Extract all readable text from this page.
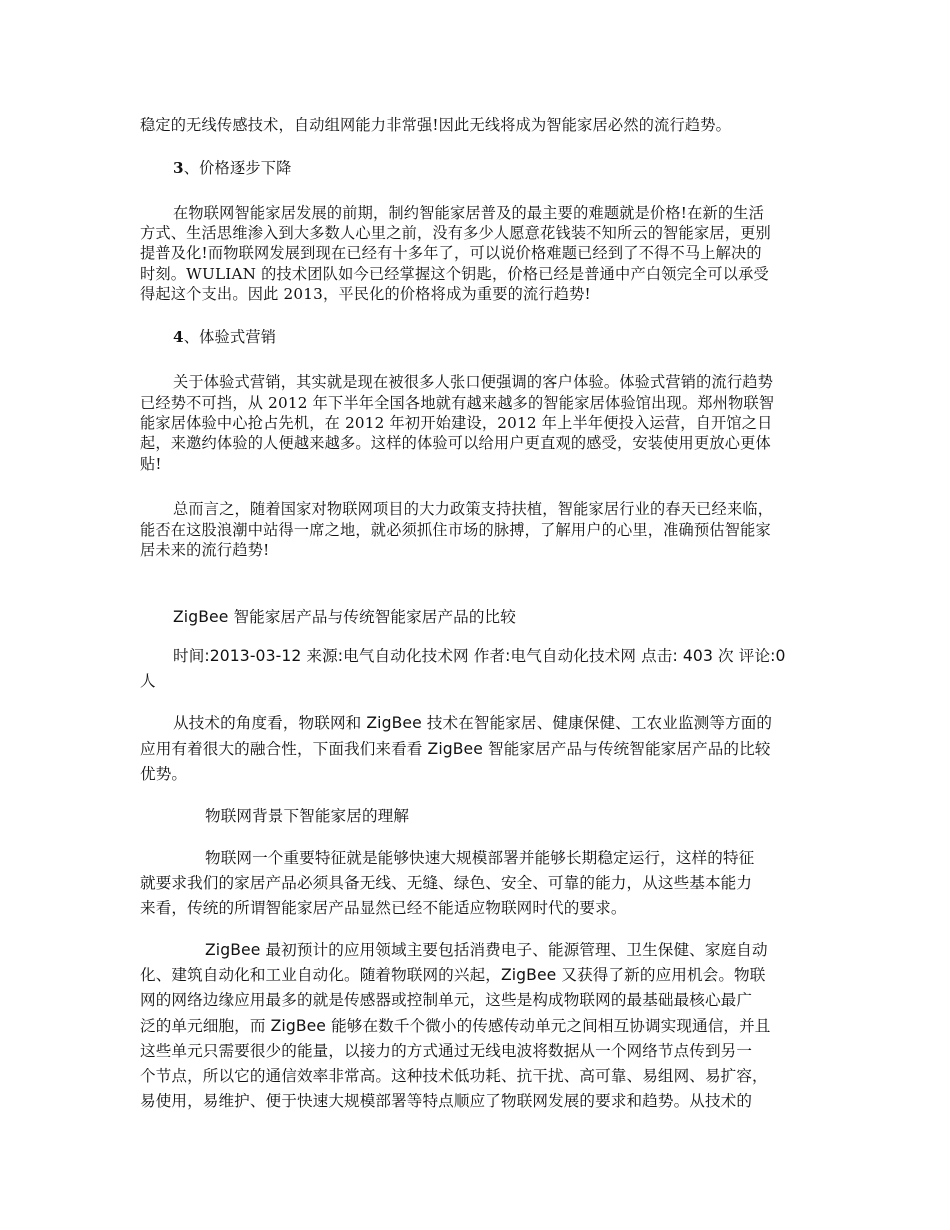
稳定的无线传感技术，自动组网能力非常强!因此无线将成为智能家居必然的流行趋势。
3、价格逐步下降
在物联网智能家居发展的前期，制约智能家居普及的最主要的难题就是价格!在新的生活
方式、生活思维渗入到大多数人心里之前，没有多少人愿意花钱装不知所云的智能家居，更别
提普及化!而物联网发展到现在已经有十多年了，可以说价格难题已经到了不得不马上解决的
时刻。WULIAN 的技术团队如今已经掌握这个钥匙，价格已经是普通中产白领完全可以承受
得起这个支出。因此 2013，平民化的价格将成为重要的流行趋势!
4、体验式营销
关于体验式营销，其实就是现在被很多人张口便强调的客户体验。体验式营销的流行趋势
已经势不可挡，从 2012 年下半年全国各地就有越来越多的智能家居体验馆出现。郑州物联智
能家居体验中心抢占先机，在 2012 年初开始建设，2012 年上半年便投入运营，自开馆之日
起，来邀约体验的人便越来越多。这样的体验可以给用户更直观的感受，安装使用更放心更体
贴!
总而言之，随着国家对物联网项目的大力政策支持扶植，智能家居行业的春天已经来临，
能否在这股浪潮中站得一席之地，就必须抓住市场的脉搏，了解用户的心里，准确预估智能家
居未来的流行趋势!
ZigBee 智能家居产品与传统智能家居产品的比较
时间:2013-03-12 来源:电气自动化技术网 作者:电气自动化技术网 点击: 403 次 评论:0
人
从技术的角度看，物联网和 ZigBee 技术在智能家居、健康保健、工农业监测等方面的
应用有着很大的融合性，下面我们来看看 ZigBee 智能家居产品与传统智能家居产品的比较
优势。
物联网背景下智能家居的理解
物联网一个重要特征就是能够快速大规模部署并能够长期稳定运行，这样的特征
就要求我们的家居产品必须具备无线、无缝、绿色、安全、可靠的能力，从这些基本能力
来看，传统的所谓智能家居产品显然已经不能适应物联网时代的要求。
ZigBee 最初预计的应用领域主要包括消费电子、能源管理、卫生保健、家庭自动
化、建筑自动化和工业自动化。随着物联网的兴起，ZigBee 又获得了新的应用机会。物联
网的网络边缘应用最多的就是传感器或控制单元，这些是构成物联网的最基础最核心最广
泛的单元细胞，而 ZigBee 能够在数千个微小的传感传动单元之间相互协调实现通信，并且
这些单元只需要很少的能量，以接力的方式通过无线电波将数据从一个网络节点传到另一
个节点，所以它的通信效率非常高。这种技术低功耗、抗干扰、高可靠、易组网、易扩容，
易使用，易维护、便于快速大规模部署等特点顺应了物联网发展的要求和趋势。从技术的
